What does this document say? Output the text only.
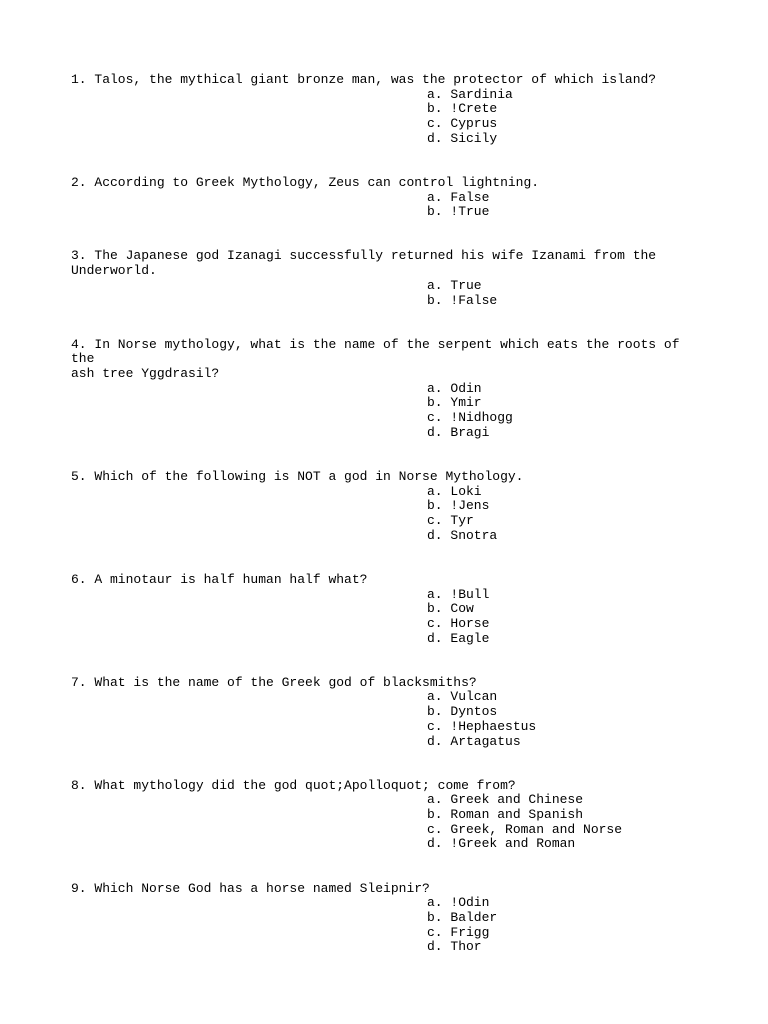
1. Talos, the mythical giant bronze man, was the protector of which island?

a. Sardinia
b. !Crete
c. Cyprus
d. Sicily

2. According to Greek Mythology, Zeus can control lightning.

a. False
b. !True

3. The Japanese god Izanagi successfully returned his wife Izanami from the
Underworld.

a. True
b. !False

4. In Norse mythology, what is the name of the serpent which eats the roots of the
ash tree Yggdrasil?

a. Odin
b. Ymir
c. !Nidhogg
d. Bragi

5. Which of the following is NOT a god in Norse Mythology.

a. Loki
b. !Jens
c. Tyr
d. Snotra

6. A minotaur is half human half what?

a. !Bull
b. Cow
c. Horse
d. Eagle

7. What is the name of the Greek god of blacksmiths?

a. Vulcan
b. Dyntos
c. !Hephaestus
d. Artagatus

8. What mythology did the god quot;Apolloquot; come from?

a. Greek and Chinese
b. Roman and Spanish
c. Greek, Roman and Norse
d. !Greek and Roman

9. Which Norse God has a horse named Sleipnir?

a. !Odin
b. Balder
c. Frigg
d. Thor
